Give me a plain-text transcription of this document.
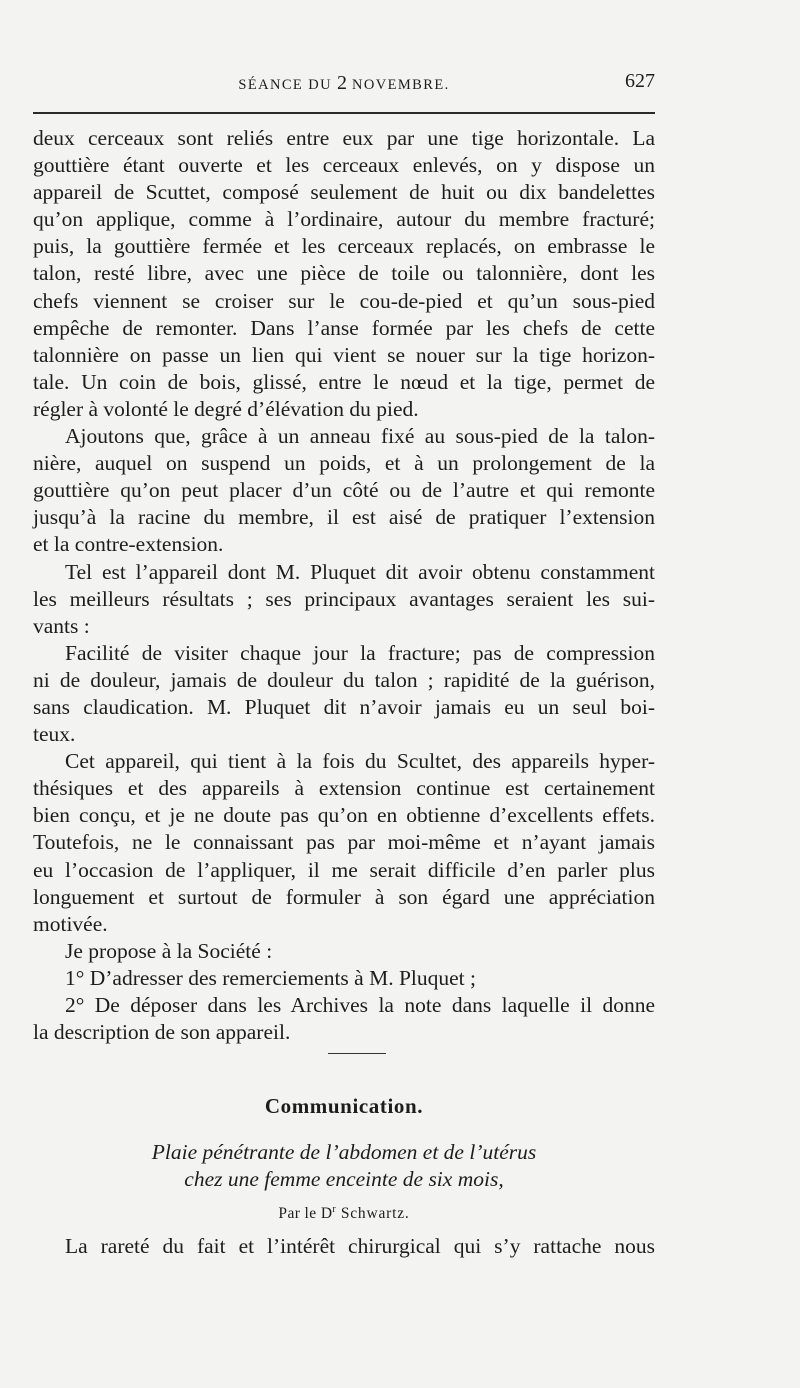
SÉANCE DU 2 NOVEMBRE.	627
deux cerceaux sont reliés entre eux par une tige horizontale. La
gouttière étant ouverte et les cerceaux enlevés, on y dispose un
appareil de Scuttet, composé seulement de huit ou dix bandelettes
qu’on applique, comme à l’ordinaire, autour du membre fracturé;
puis, la gouttière fermée et les cerceaux replacés, on embrasse le
talon, resté libre, avec une pièce de toile ou talonnière, dont les
chefs viennent se croiser sur le cou-de-pied et qu’un sous-pied
empêche de remonter. Dans l’anse formée par les chefs de cette
talonnière on passe un lien qui vient se nouer sur la tige horizon-
tale. Un coin de bois, glissé, entre le nœud et la tige, permet de
régler à volonté le degré d’élévation du pied.
Ajoutons que, grâce à un anneau fixé au sous-pied de la talon-
nière, auquel on suspend un poids, et à un prolongement de la
gouttière qu’on peut placer d’un côté ou de l’autre et qui remonte
jusqu’à la racine du membre, il est aisé de pratiquer l’extension
et la contre-extension.
Tel est l’appareil dont M. Pluquet dit avoir obtenu constamment
les meilleurs résultats ; ses principaux avantages seraient les sui-
vants :
Facilité de visiter chaque jour la fracture; pas de compression
ni de douleur, jamais de douleur du talon ; rapidité de la guérison,
sans claudication. M. Pluquet dit n’avoir jamais eu un seul boi-
teux.
Cet appareil, qui tient à la fois du Scultet, des appareils hyper-
thésiques et des appareils à extension continue est certainement
bien conçu, et je ne doute pas qu’on en obtienne d’excellents effets.
Toutefois, ne le connaissant pas par moi-même et n’ayant jamais
eu l’occasion de l’appliquer, il me serait difficile d’en parler plus
longuement et surtout de formuler à son égard une appréciation
motivée.
Je propose à la Société :
1° D’adresser des remerciements à M. Pluquet ;
2° De déposer dans les Archives la note dans laquelle il donne
la description de son appareil.
Communication.
Plaie pénétrante de l’abdomen et de l’utérus
chez une femme enceinte de six mois,
Par le $D^r$ Schwartz.
La rareté du fait et l’intérêt chirurgical qui s’y rattache nous
